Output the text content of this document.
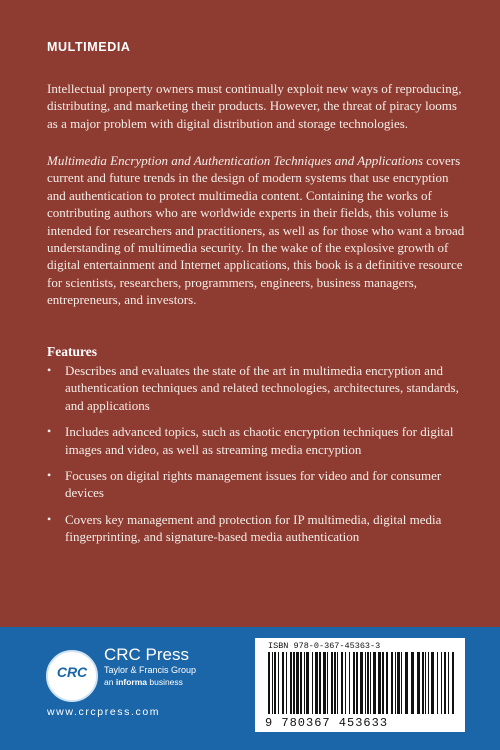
MULTIMEDIA

Intellectual property owners must continually exploit new ways of reproducing, distributing, and marketing their products. However, the threat of piracy looms as a major problem with digital distribution and storage technologies.

Multimedia Encryption and Authentication Techniques and Applications covers current and future trends in the design of modern systems that use encryption and authentication to protect multimedia content. Containing the works of contributing authors who are worldwide experts in their fields, this volume is intended for researchers and practitioners, as well as for those who want a broad understanding of multimedia security. In the wake of the explosive growth of digital entertainment and Internet applications, this book is a definitive resource for scientists, researchers, programmers, engineers, business managers, entrepreneurs, and investors.

Features
• Describes and evaluates the state of the art in multimedia encryption and authentication techniques and related technologies, architectures, standards, and applications
• Includes advanced topics, such as chaotic encryption techniques for digital images and video, as well as streaming media encryption
• Focuses on digital rights management issues for video and for consumer devices
• Covers key management and protection for IP multimedia, digital media fingerprinting, and signature-based media authentication
CRC
CRC Press
Taylor & Francis Group
an informa business
www.crcpress.com
ISBN 978-0-367-45363-3
9 780367 453633
